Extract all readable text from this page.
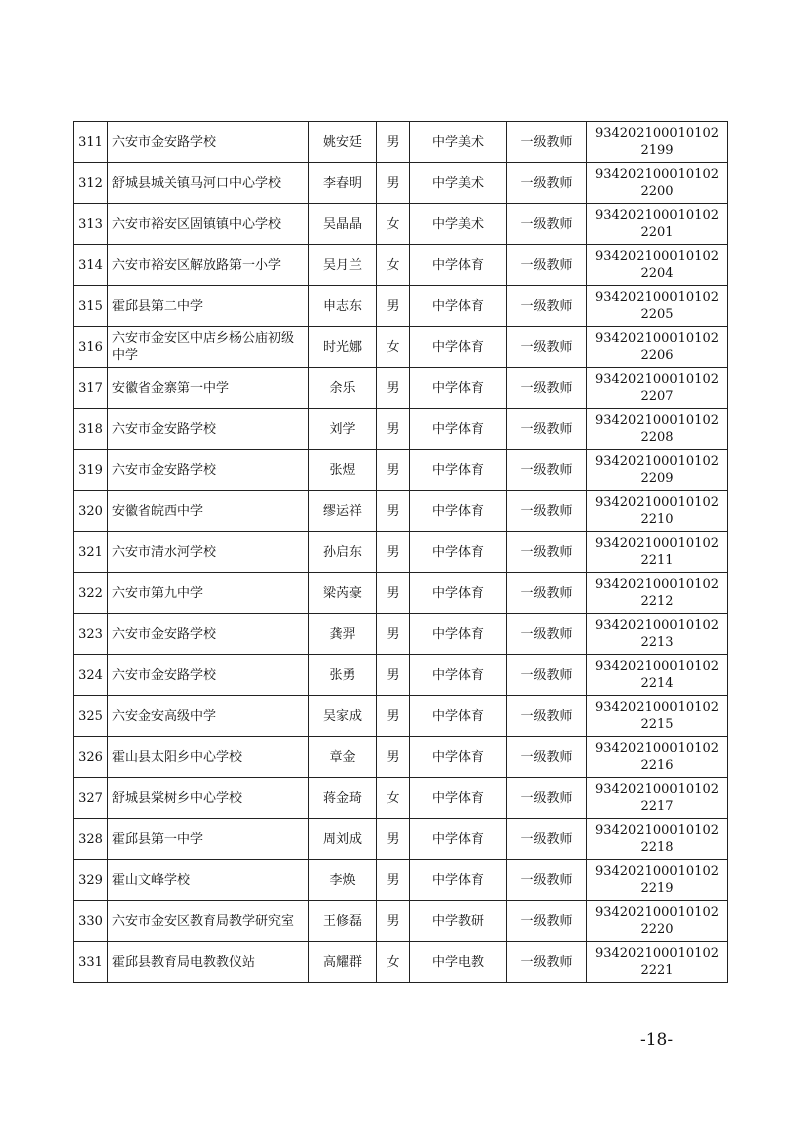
311	六安市金安路学校	姚安廷	男	中学美术	一级教师	9342021000101022199
312	舒城县城关镇马河口中心学校	李春明	男	中学美术	一级教师	9342021000101022200
313	六安市裕安区固镇镇中心学校	吴晶晶	女	中学美术	一级教师	9342021000101022201
314	六安市裕安区解放路第一小学	吴月兰	女	中学体育	一级教师	9342021000101022204
315	霍邱县第二中学	申志东	男	中学体育	一级教师	9342021000101022205
316	六安市金安区中店乡杨公庙初级中学	时光娜	女	中学体育	一级教师	9342021000101022206
317	安徽省金寨第一中学	余乐	男	中学体育	一级教师	9342021000101022207
318	六安市金安路学校	刘学	男	中学体育	一级教师	9342021000101022208
319	六安市金安路学校	张煜	男	中学体育	一级教师	9342021000101022209
320	安徽省皖西中学	缪运祥	男	中学体育	一级教师	9342021000101022210
321	六安市清水河学校	孙启东	男	中学体育	一级教师	9342021000101022211
322	六安市第九中学	梁芮豪	男	中学体育	一级教师	9342021000101022212
323	六安市金安路学校	龚羿	男	中学体育	一级教师	9342021000101022213
324	六安市金安路学校	张勇	男	中学体育	一级教师	9342021000101022214
325	六安金安高级中学	吴家成	男	中学体育	一级教师	9342021000101022215
326	霍山县太阳乡中心学校	章金	男	中学体育	一级教师	9342021000101022216
327	舒城县棠树乡中心学校	蒋金琦	女	中学体育	一级教师	9342021000101022217
328	霍邱县第一中学	周刘成	男	中学体育	一级教师	9342021000101022218
329	霍山文峰学校	李焕	男	中学体育	一级教师	9342021000101022219
330	六安市金安区教育局教学研究室	王修磊	男	中学教研	一级教师	9342021000101022220
331	霍邱县教育局电教教仪站	高耀群	女	中学电教	一级教师	9342021000101022221
-18-
